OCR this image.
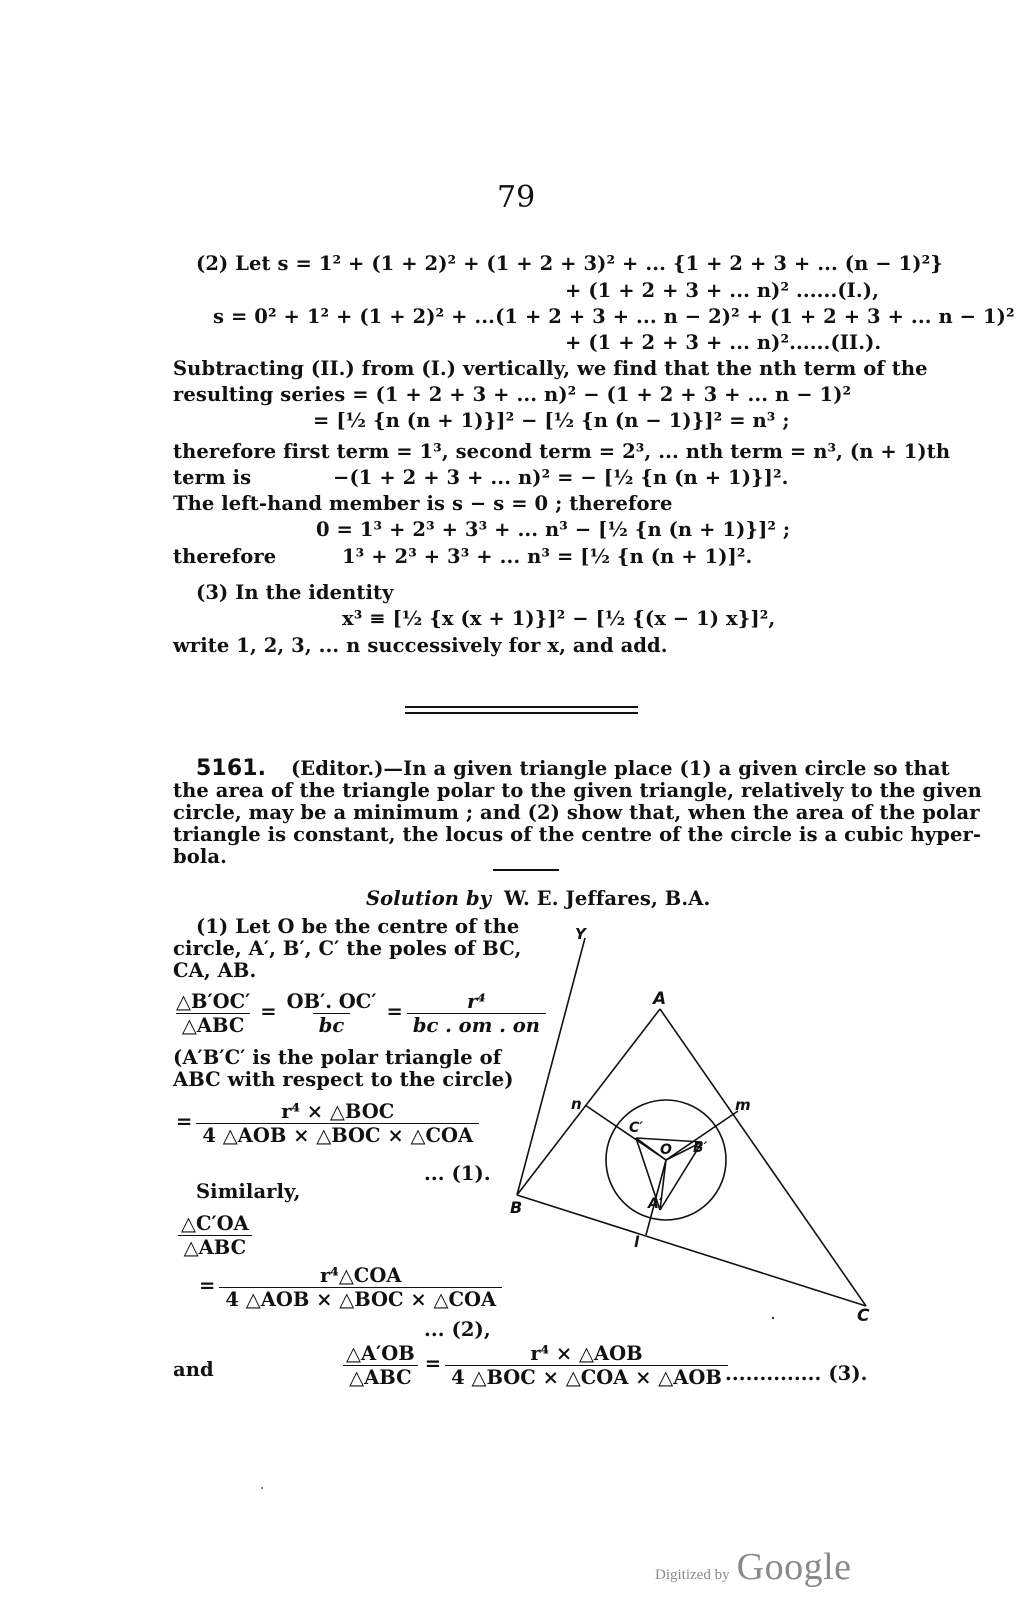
79
(2) Let s = 1² + (1 + 2)² + (1 + 2 + 3)² + ... {1 + 2 + 3 + ... (n − 1)²}
+ (1 + 2 + 3 + ... n)² ......(I.),
s = 0² + 1² + (1 + 2)² + ...(1 + 2 + 3 + ... n − 2)² + (1 + 2 + 3 + ... n − 1)²
+ (1 + 2 + 3 + ... n)²......(II.).
Subtracting (II.) from (I.) vertically, we find that the nth term of the
resulting series = (1 + 2 + 3 + ... n)² − (1 + 2 + 3 + ... n − 1)²
= [½ {n (n + 1)}]² − [½ {n (n − 1)}]² = n³ ;
therefore first term = 1³, second term = 2³, ... nth term = n³, (n + 1)th
term is	−(1 + 2 + 3 + ... n)² = − [½ {n (n + 1)}]².
The left-hand member is s − s = 0 ; therefore
0 = 1³ + 2³ + 3³ + ... n³ − [½ {n (n + 1)}]² ;
therefore	1³ + 2³ + 3³ + ... n³ = [½ {n (n + 1)]².
(3) In the identity
x³ ≡ [½ {x (x + 1)}]² − [½ {(x − 1) x}]²,
write 1, 2, 3, ... n successively for x, and add.
5161. (Editor.)—In a given triangle place (1) a given circle so that
the area of the triangle polar to the given triangle, relatively to the given
circle, may be a minimum ; and (2) show that, when the area of the polar
triangle is constant, the locus of the centre of the circle is a cubic hyper-
bola.
Solution by W. E. Jeffares, B.A.
(1) Let O be the centre of the
circle, A′, B′, C′ the poles of BC,
CA, AB.
$\frac{\triangle B'OC'}{\text{△ABC}} = \frac{OB'. OC'}{bc} = \frac{\text{r⁴}}{bc . om . on}$
(A′B′C′ is the polar triangle of
ABC with respect to the circle)
= $\frac{\text{r⁴ × △BOC}}{\text{4 △AOB × △BOC × △COA}}$
... (1).
Similarly,
$\frac{\triangle C'OA}{\text{△ABC}}$
= $\frac{\text{r⁴△COA}}{\text{4 △AOB × △BOC × △COA}}$
... (2),
and	$\frac{\triangle A'OB}{\text{△ABC}} = \frac{\text{r⁴ × △AOB}}{\text{4 △BOC × △COA × △AOB}}$
.............. (3).
Y
A
B
C
n	m
l
O
A′
B′
C′
Digitized by Google
